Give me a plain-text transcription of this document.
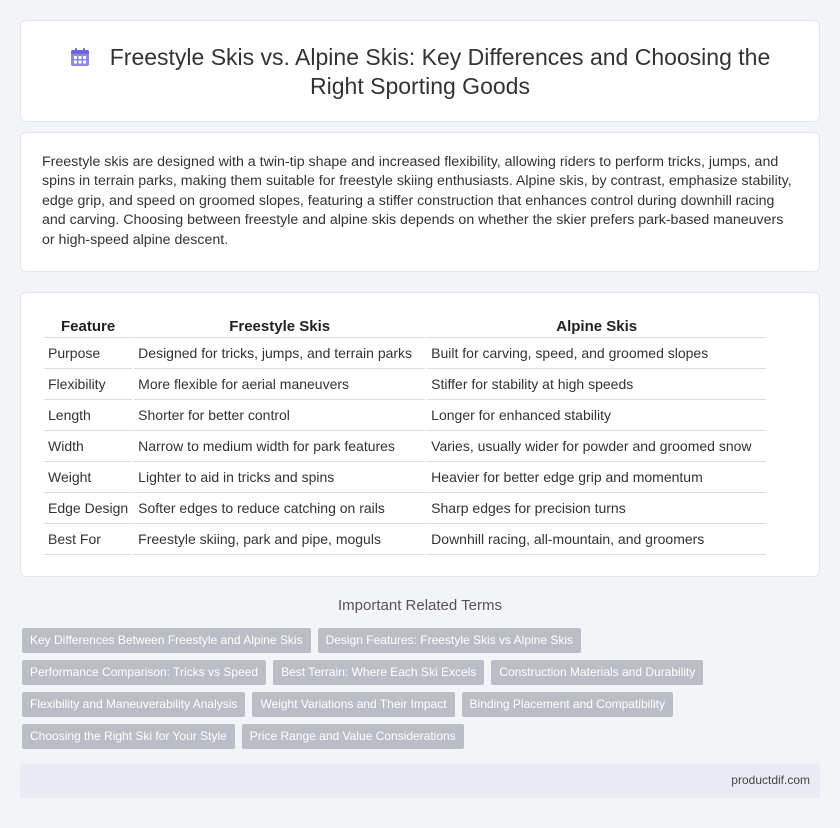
Freestyle Skis vs. Alpine Skis: Key Differences and Choosing the Right Sporting Goods

Freestyle skis are designed with a twin-tip shape and increased flexibility, allowing riders to perform tricks, jumps, and spins in terrain parks, making them suitable for freestyle skiing enthusiasts. Alpine skis, by contrast, emphasize stability, edge grip, and speed on groomed slopes, featuring a stiffer construction that enhances control during downhill racing and carving. Choosing between freestyle and alpine skis depends on whether the skier prefers park-based maneuvers or high-speed alpine descent.

Feature	Freestyle Skis	Alpine Skis
Purpose	Designed for tricks, jumps, and terrain parks	Built for carving, speed, and groomed slopes
Flexibility	More flexible for aerial maneuvers	Stiffer for stability at high speeds
Length	Shorter for better control	Longer for enhanced stability
Width	Narrow to medium width for park features	Varies, usually wider for powder and groomed snow
Weight	Lighter to aid in tricks and spins	Heavier for better edge grip and momentum
Edge Design	Softer edges to reduce catching on rails	Sharp edges for precision turns
Best For	Freestyle skiing, park and pipe, moguls	Downhill racing, all-mountain, and groomers
Important Related Terms
Key Differences Between Freestyle and Alpine Skis Design Features: Freestyle Skis vs Alpine Skis
Performance Comparison: Tricks vs Speed Best Terrain: Where Each Ski Excels Construction Materials and Durability
Flexibility and Maneuverability Analysis Weight Variations and Their Impact Binding Placement and Compatibility
Choosing the Right Ski for Your Style Price Range and Value Considerations
productdif.com
